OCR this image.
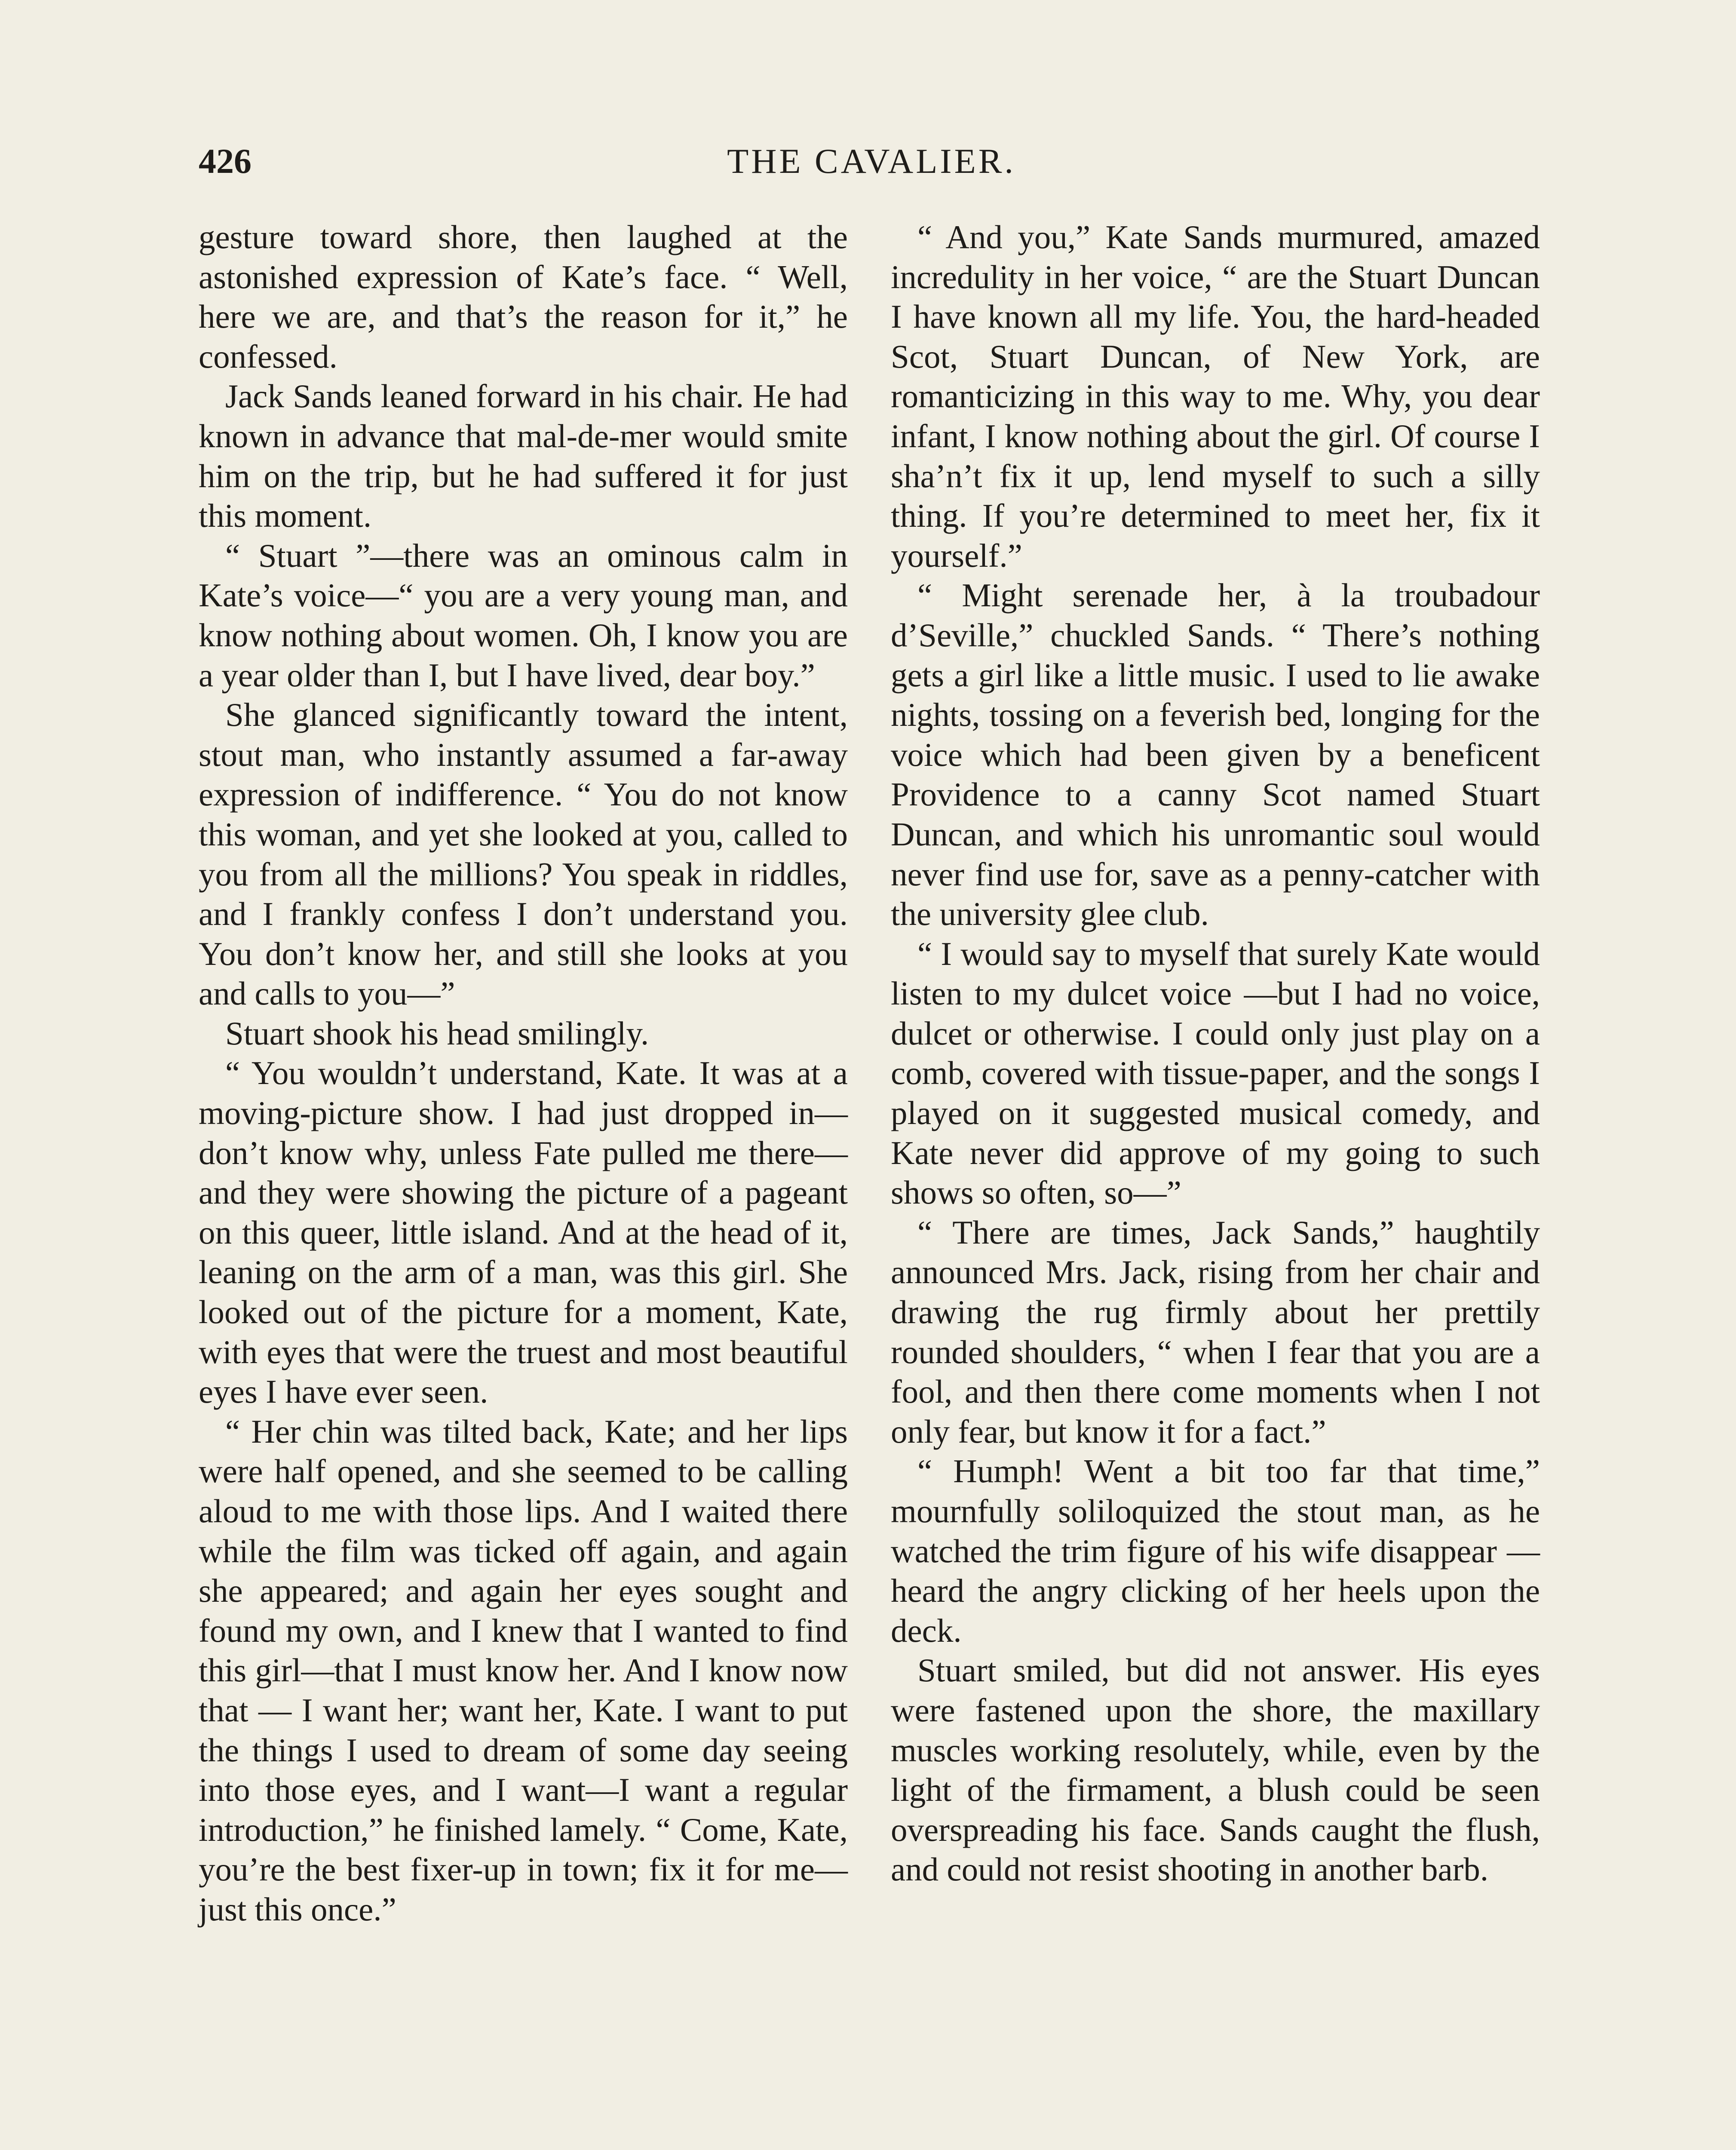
426	THE CAVALIER.

gesture toward shore, then laughed at the astonished expression of Kate’s face. “ Well, here we are, and that’s the reason for it,” he confessed.

Jack Sands leaned forward in his chair. He had known in advance that mal-de-mer would smite him on the trip, but he had suffered it for just this moment.

“ Stuart ”—there was an ominous calm in Kate’s voice—“ you are a very young man, and know nothing about women. Oh, I know you are a year older than I, but I have lived, dear boy.”

She glanced significantly toward the intent, stout man, who instantly assumed a far-away expression of indifference. “ You do not know this woman, and yet she looked at you, called to you from all the millions? You speak in riddles, and I frankly confess I don’t understand you. You don’t know her, and still she looks at you and calls to you—”

Stuart shook his head smilingly.

“ You wouldn’t understand, Kate. It was at a moving-picture show. I had just dropped in—don’t know why, unless Fate pulled me there—and they were showing the picture of a pageant on this queer, little island. And at the head of it, leaning on the arm of a man, was this girl. She looked out of the picture for a moment, Kate, with eyes that were the truest and most beautiful eyes I have ever seen.

“ Her chin was tilted back, Kate; and her lips were half opened, and she seemed to be calling aloud to me with those lips. And I waited there while the film was ticked off again, and again she appeared; and again her eyes sought and found my own, and I knew that I wanted to find this girl—that I must know her. And I know now that — I want her; want her, Kate. I want to put the things I used to dream of some day seeing into those eyes, and I want—I want a regular introduction,” he finished lamely. “ Come, Kate, you’re the best fixer-up in town; fix it for me—just this once.”

“ And you,” Kate Sands murmured, amazed incredulity in her voice, “ are the Stuart Duncan I have known all my life. You, the hard-headed Scot, Stuart Duncan, of New York, are romanticizing in this way to me. Why, you dear infant, I know nothing about the girl. Of course I sha’n’t fix it up, lend myself to such a silly thing. If you’re determined to meet her, fix it yourself.”

“ Might serenade her, à la troubadour d’Seville,” chuckled Sands. “ There’s nothing gets a girl like a little music. I used to lie awake nights, tossing on a feverish bed, longing for the voice which had been given by a beneficent Providence to a canny Scot named Stuart Duncan, and which his unromantic soul would never find use for, save as a penny-catcher with the university glee club.

“ I would say to myself that surely Kate would listen to my dulcet voice —but I had no voice, dulcet or otherwise. I could only just play on a comb, covered with tissue-paper, and the songs I played on it suggested musical comedy, and Kate never did approve of my going to such shows so often, so—”

“ There are times, Jack Sands,” haughtily announced Mrs. Jack, rising from her chair and drawing the rug firmly about her prettily rounded shoulders, “ when I fear that you are a fool, and then there come moments when I not only fear, but know it for a fact.”

“ Humph! Went a bit too far that time,” mournfully soliloquized the stout man, as he watched the trim figure of his wife disappear — heard the angry clicking of her heels upon the deck.

Stuart smiled, but did not answer. His eyes were fastened upon the shore, the maxillary muscles working resolutely, while, even by the light of the firmament, a blush could be seen overspreading his face. Sands caught the flush, and could not resist shooting in another barb.
